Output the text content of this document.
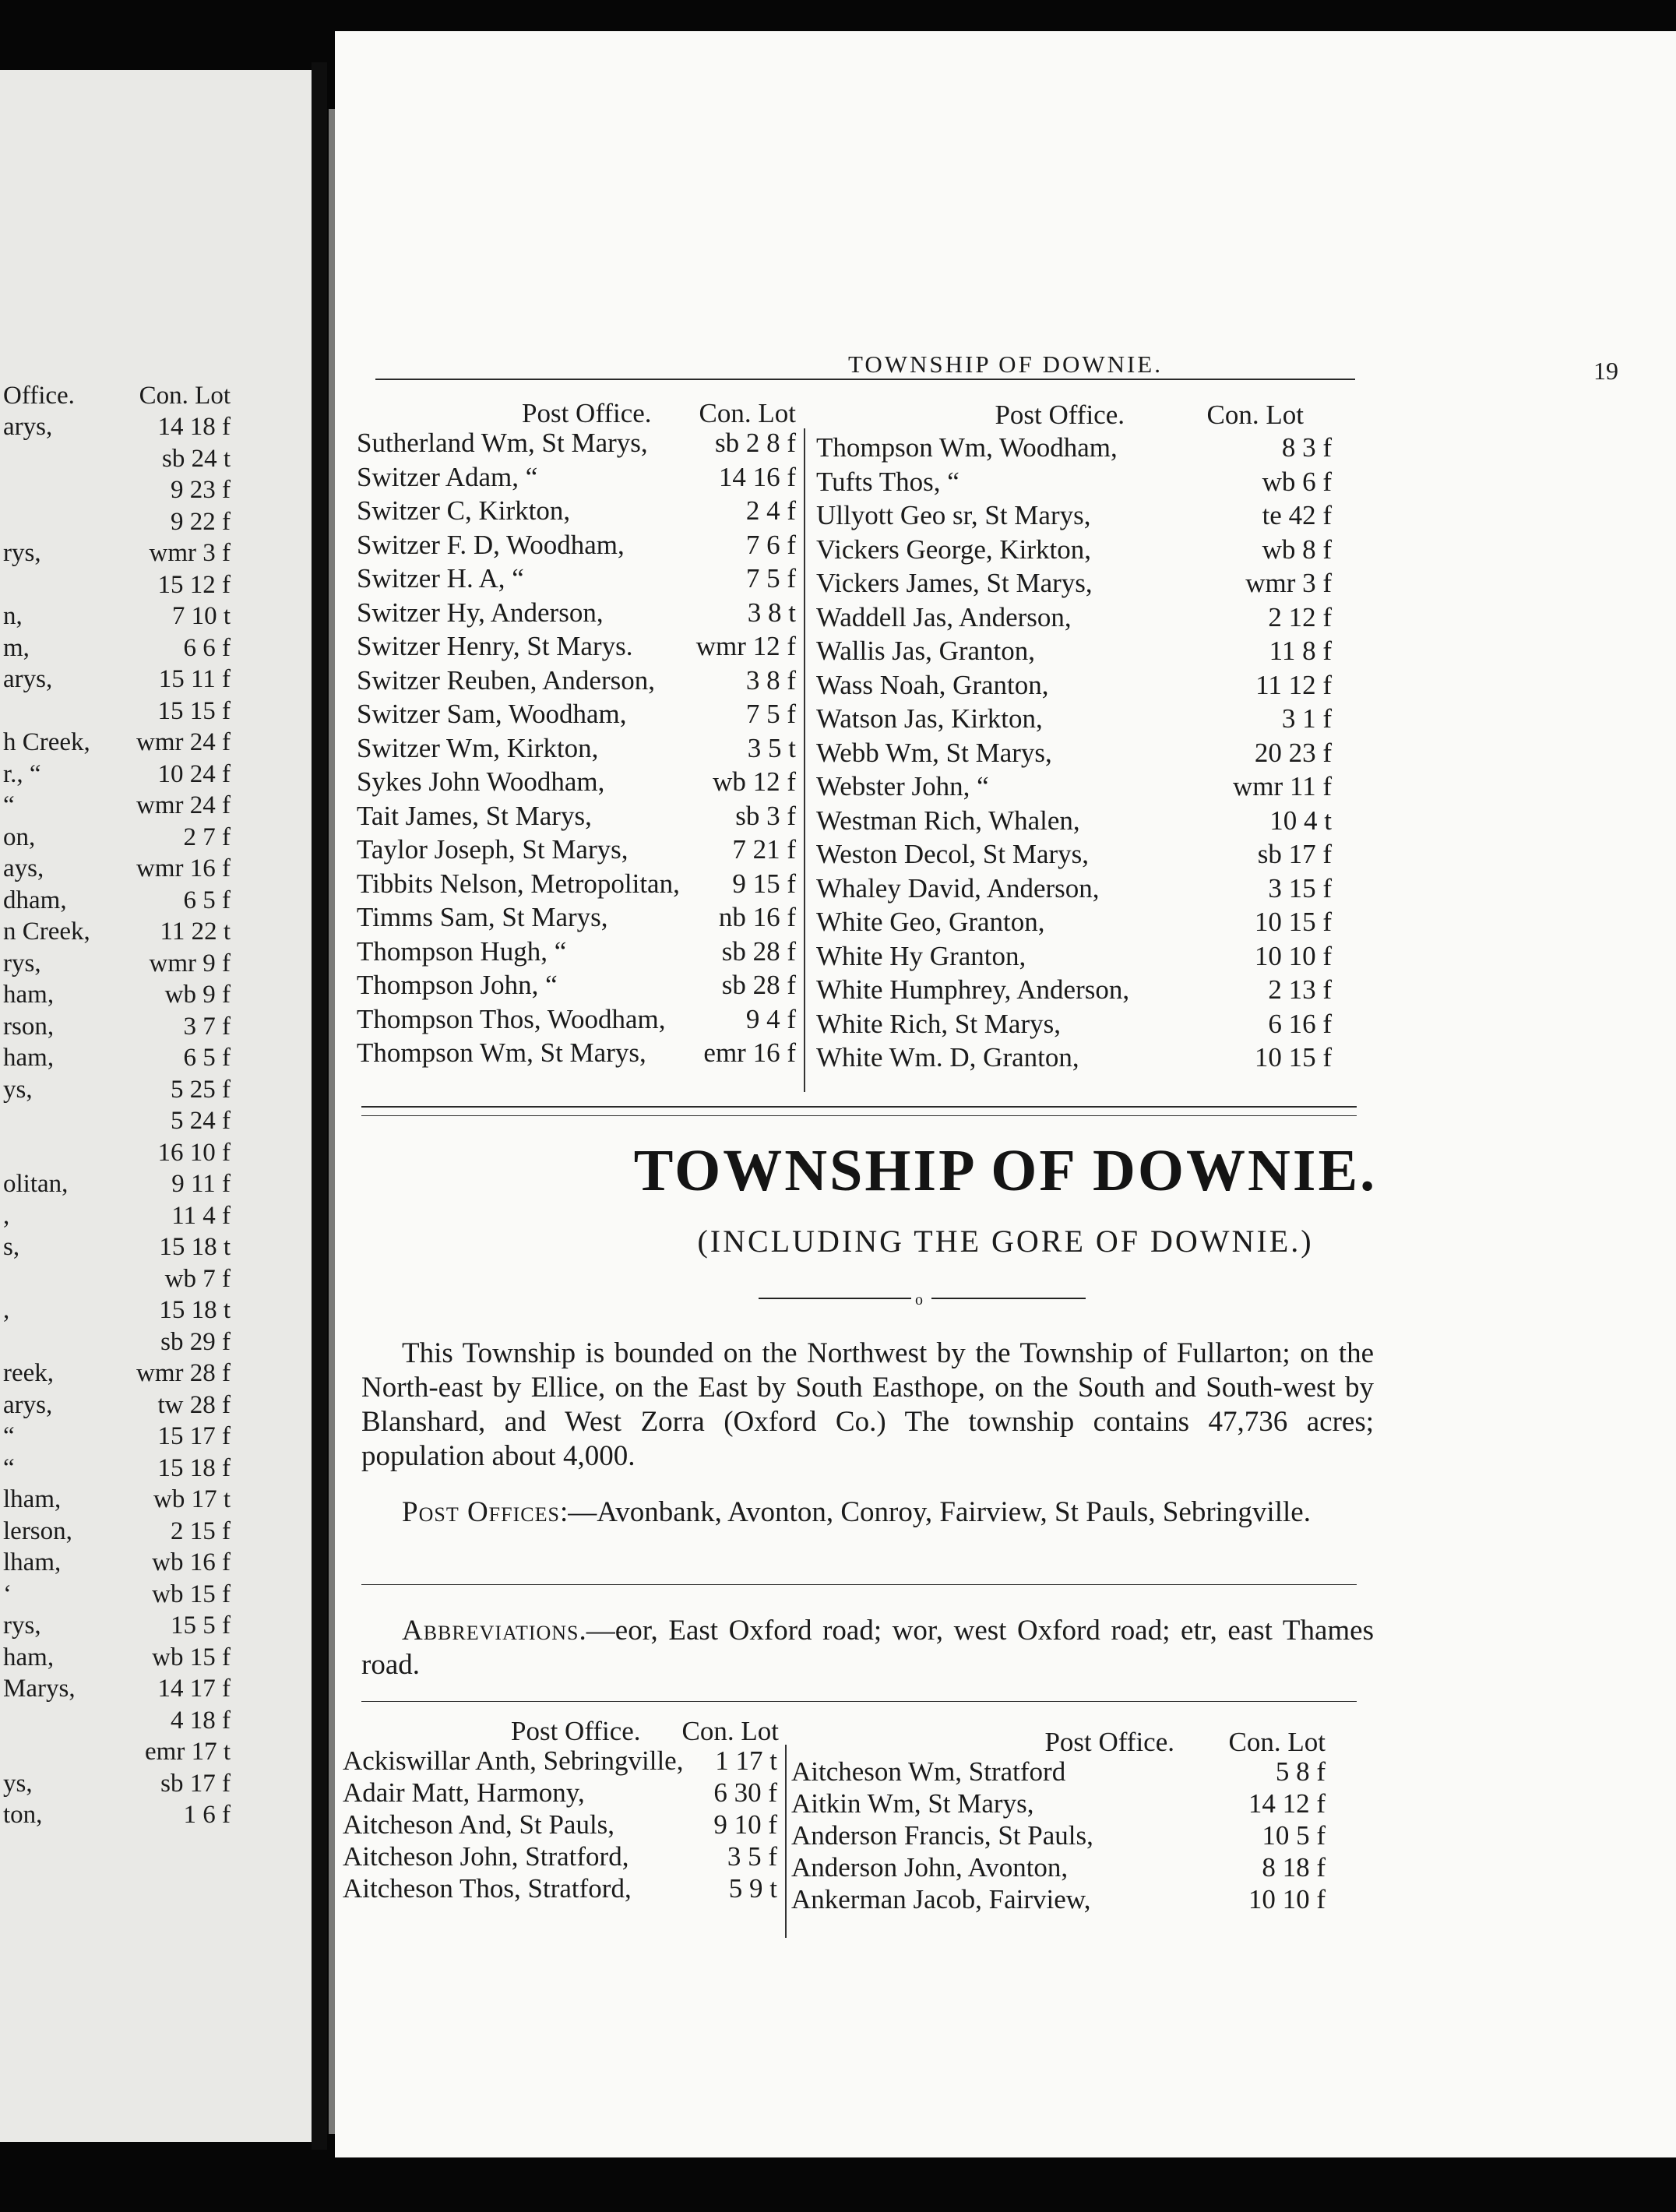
Office.	Con. Lot
arys,	14 18 f
sb 24 t
9 23 f
9 22 f
rys,	wmr 3 f
15 12 f
n,	7 10 t
m,	6 6 f
arys,	15 11 f
15 15 f
h Creek, wmr 24 f
r., “	10 24 f
“	wmr 24 f
on,	2 7 f
ays,	wmr 16 f
dham,	6 5 f
n Creek,	11 22 t
rys,	wmr 9 f
ham,	wb 9 f
rson,	3 7 f
ham,	6 5 f
ys,	5 25 f
5 24 f
16 10 f
olitan,	9 11 f
,	11 4 f
s,	15 18 t
wb 7 f
,	15 18 t
sb 29 f
reek,	wmr 28 f
arys,	tw 28 f
“	15 17 f
“	15 18 f
lham,	wb 17 t
lerson,	2 15 f
lham,	wb 16 f
‘	wb 15 f
rys,	15 5 f
ham,	wb 15 f
Marys,	14 17 f
4 18 f
emr 17 t
ys,	sb 17 f
ton,	1 6 f
TOWNSHIP OF DOWNIE.	19
Post Office.	Con. Lot
Post Office. Con. Lot
Sutherland Wm, St Marys, sb 2 8 f
Switzer Adam, “	14 16 f
Switzer C, Kirkton,	2 4 f
Switzer F. D, Woodham,	7 6 f
Switzer H. A, “	7 5 f
Switzer Hy, Anderson,	3 8 t
Switzer Henry, St Marys. wmr 12 f
Switzer Reuben, Anderson,	3 8 f
Switzer Sam, Woodham,	7 5 f
Switzer Wm, Kirkton,	3 5 t
Sykes John Woodham,	wb 12 f
Tait James, St Marys,	sb 3 f
Taylor Joseph, St Marys,	7 21 f
Tibbits Nelson, Metropolitan, 9 15 f
Timms Sam, St Marys,	nb 16 f
Thompson Hugh, “	sb 28 f
Thompson John, “	sb 28 f
Thompson Thos, Woodham,	9 4 f
Thompson Wm, St Marys, emr 16 f
Thompson Wm, Woodham,	8 3 f
Tufts Thos, “	wb 6 f
Ullyott Geo sr, St Marys,	te 42 f
Vickers George, Kirkton,	wb 8 f
Vickers James, St Marys,	wmr 3 f
Waddell Jas, Anderson,	2 12 f
Wallis Jas, Granton,	11 8 f
Wass Noah, Granton,	11 12 f
Watson Jas, Kirkton,	3 1 f
Webb Wm, St Marys,	20 23 f
Webster John, “	wmr 11 f
Westman Rich, Whalen,	10 4 t
Weston Decol, St Marys,	sb 17 f
Whaley David, Anderson,	3 15 f
White Geo, Granton,	10 15 f
White Hy Granton,	10 10 f
White Humphrey, Anderson,	2 13 f
White Rich, St Marys,	6 16 f
White Wm. D, Granton,	10 15 f
TOWNSHIP OF DOWNIE.
(INCLUDING THE GORE OF DOWNIE.)
o
This Township is bounded on the Northwest by the Township of Fullarton; on the North-east by Ellice, on the East by South Easthope, on the South and South-west by Blanshard, and West Zorra (Oxford Co.) The township contains 47,736 acres; population about 4,000.
Post Offices:—Avonbank, Avonton, Conroy, Fairview, St Pauls, Sebringville.
Abbreviations.—eor, East Oxford road; wor, west Oxford road; etr, east Thames road.
Post Office. Con. Lot	Post Office. Con. Lot
Ackiswillar Anth, Sebringville, 1 17 t
Adair Matt, Harmony,	6 30 f
Aitcheson And, St Pauls,	9 10 f
Aitcheson John, Stratford,	3 5 f
Aitcheson Thos, Stratford,	5 9 t
Aitcheson Wm, Stratford	5 8 f
Aitkin Wm, St Marys,	14 12 f
Anderson Francis, St Pauls,	10 5 f
Anderson John, Avonton,	8 18 f
Ankerman Jacob, Fairview,	10 10 f
